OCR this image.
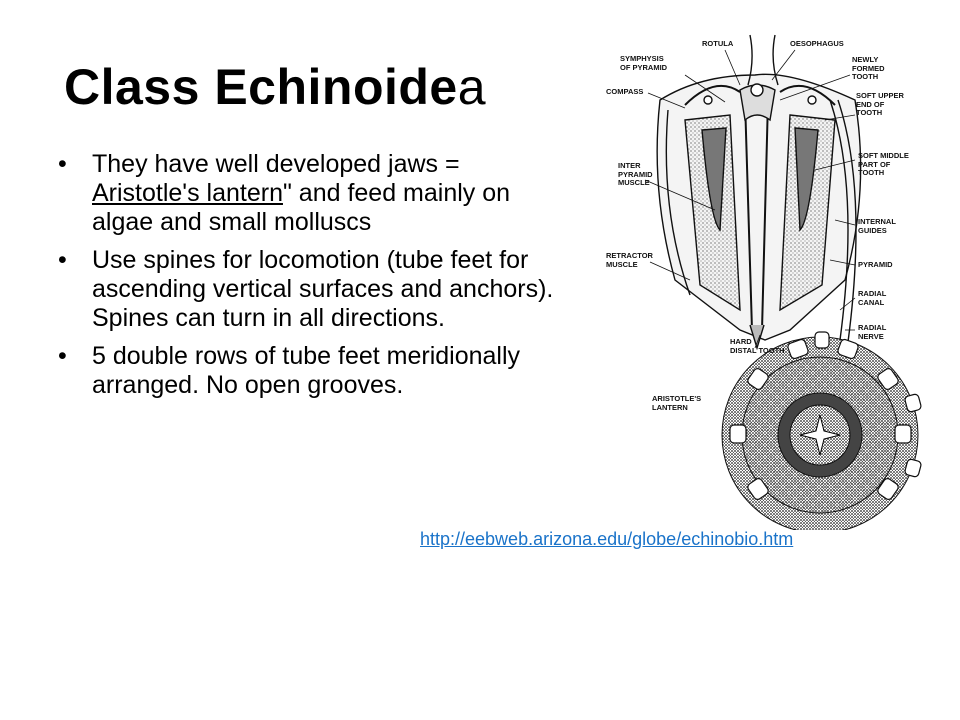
Class Echinoidea
• They have well developed jaws = Aristotle's lantern" and feed mainly on algae and small molluscs
• Use spines for locomotion (tube feet for ascending vertical surfaces and anchors). Spines can turn in all directions.
• 5 double rows of tube feet meridionally arranged. No open grooves.
ROTULA	OESOPHAGUS
SYMPHYSIS
OF PYRAMID
NEWLY
FORMED
TOOTH
COMPASS	SOFT UPPER
END OF
TOOTH
INTER
PYRAMID
MUSCLE
SOFT MIDDLE
PART OF
TOOTH
INTERNAL
GUIDES
RETRACTOR
MUSCLE	PYRAMID
RADIAL
CANAL
RADIAL
NERVE
HARD
DISTAL TOOTH
ARISTOTLE'S
LANTERN
http://eebweb.arizona.edu/globe/echinobio.htm
